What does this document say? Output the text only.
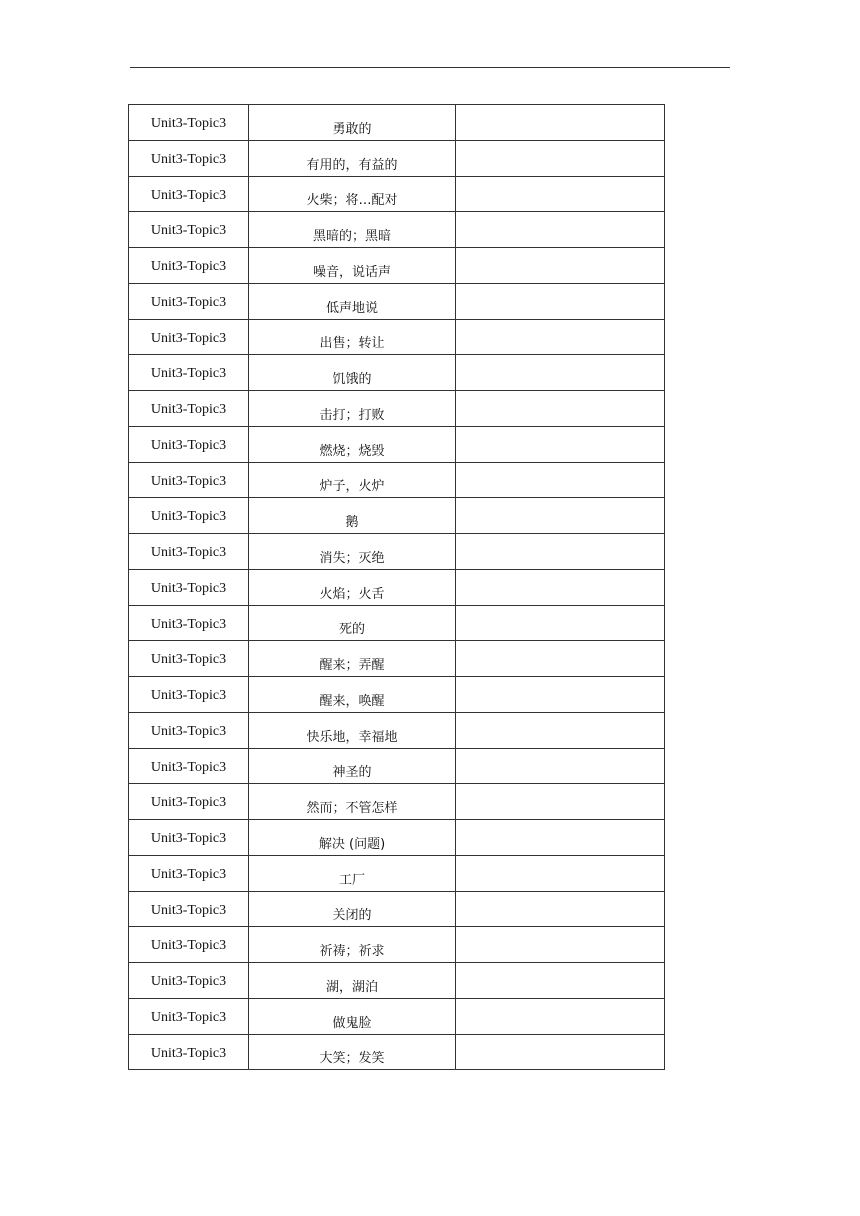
Unit3-Topic3	勇敢的	
Unit3-Topic3	有用的，有益的	
Unit3-Topic3	火柴；将…配对	
Unit3-Topic3	黑暗的；黑暗	
Unit3-Topic3	噪音，说话声	
Unit3-Topic3	低声地说	
Unit3-Topic3	出售；转让	
Unit3-Topic3	饥饿的	
Unit3-Topic3	击打；打败	
Unit3-Topic3	燃烧；烧毁	
Unit3-Topic3	炉子，火炉	
Unit3-Topic3	鹅	
Unit3-Topic3	消失；灭绝	
Unit3-Topic3	火焰；火舌	
Unit3-Topic3	死的	
Unit3-Topic3	醒来；弄醒	
Unit3-Topic3	醒来，唤醒	
Unit3-Topic3	快乐地，幸福地	
Unit3-Topic3	神圣的	
Unit3-Topic3	然而；不管怎样	
Unit3-Topic3	解决 (问题)	
Unit3-Topic3	工厂	
Unit3-Topic3	关闭的	
Unit3-Topic3	祈祷；祈求	
Unit3-Topic3	湖，湖泊	
Unit3-Topic3	做鬼脸	
Unit3-Topic3	大笑；发笑	
